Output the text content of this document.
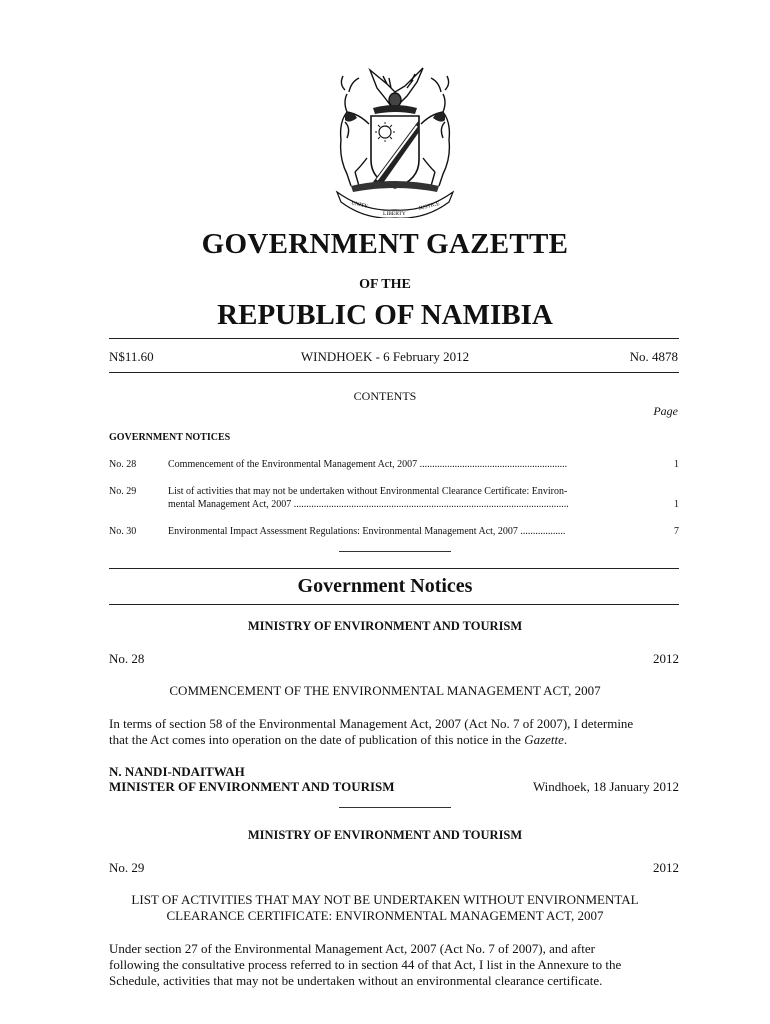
UNITY
LIBERTY
JUSTICE
GOVERNMENT GAZETTE
OF THE
REPUBLIC OF NAMIBIA
N$11.60	WINDHOEK - 6 February 2012	No. 4878
CONTENTS
Page
GOVERNMENT NOTICES
No. 28	Commencement of the Environmental Management Act, 2007 ...........................................................	1
No. 29	List of activities that may not be undertaken without Environmental Clearance Certificate: Environ-
mental Management Act, 2007 ..............................................................................................................	1
No. 30	Environmental Impact Assessment Regulations: Environmental Management Act, 2007 ..................	7
Government Notices
MINISTRY OF ENVIRONMENT AND TOURISM
No. 28	2012
COMMENCEMENT OF THE ENVIRONMENTAL MANAGEMENT ACT, 2007
In terms of section 58 of the Environmental Management Act, 2007 (Act No. 7 of 2007), I determine
that the Act comes into operation on the date of publication of this notice in the Gazette.
N. NANDI-NDAITWAH
MINISTER OF ENVIRONMENT AND TOURISM	Windhoek, 18 January 2012
MINISTRY OF ENVIRONMENT AND TOURISM
No. 29	2012
LIST OF ACTIVITIES THAT MAY NOT BE UNDERTAKEN WITHOUT ENVIRONMENTAL
CLEARANCE CERTIFICATE: ENVIRONMENTAL MANAGEMENT ACT, 2007
Under section 27 of the Environmental Management Act, 2007 (Act No. 7 of 2007), and after
following the consultative process referred to in section 44 of that Act, I list in the Annexure to the
Schedule, activities that may not be undertaken without an environmental clearance certificate.
